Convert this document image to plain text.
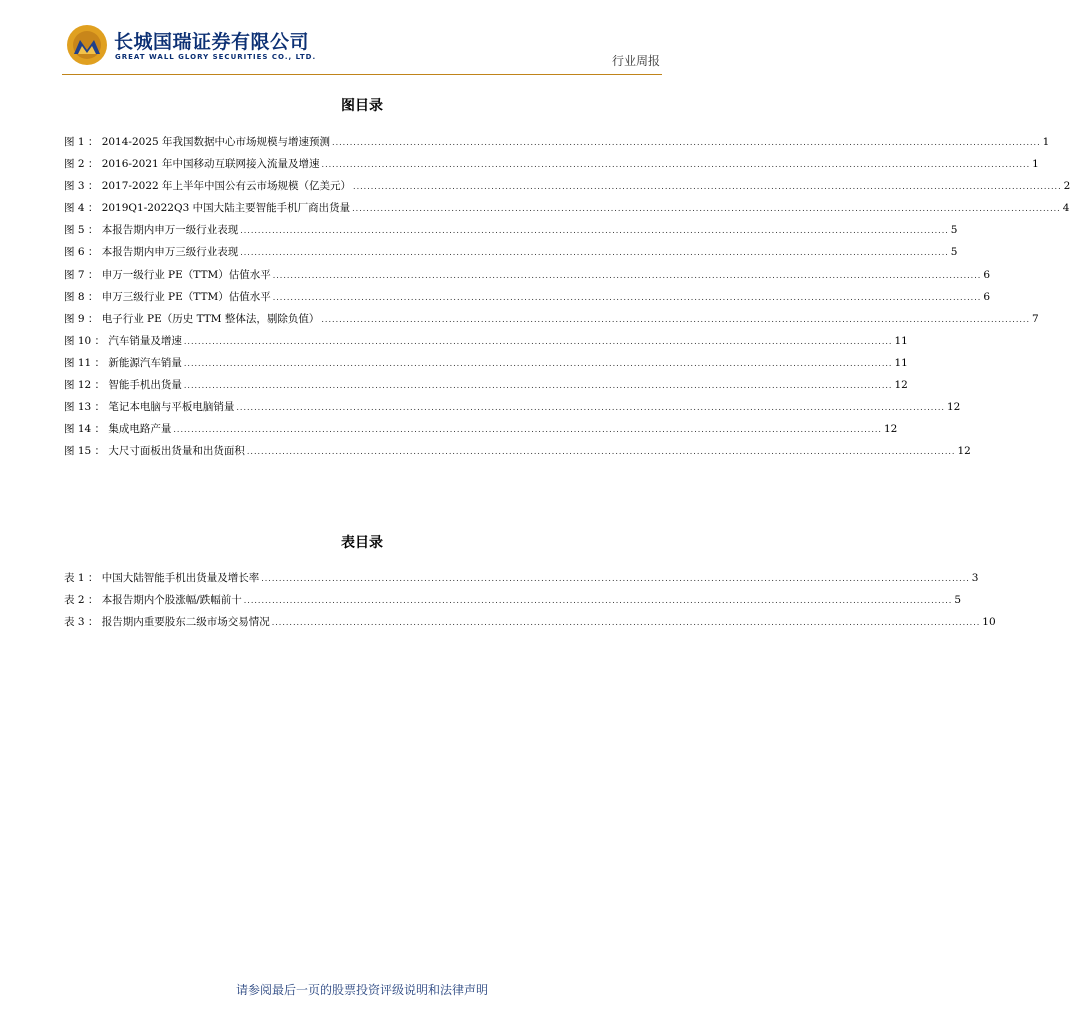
长城国瑞证券有限公司
GREAT WALL GLORY SECURITIES CO., LTD.	行业周报
图目录
图 1 ： 2014-2025 年我国数据中心市场规模与增速预测 ........................................................................................................................................................................................................ 1
图 2 ： 2016-2021 年中国移动互联网接入流量及增速 ........................................................................................................................................................................................................ 1
图 3 ： 2017-2022 年上半年中国公有云市场规模（亿美元） ........................................................................................................................................................................................................ 2
图 4 ： 2019Q1-2022Q3 中国大陆主要智能手机厂商出货量 ........................................................................................................................................................................................................ 4
图 5 ： 本报告期内申万一级行业表现 ........................................................................................................................................................................................................ 5
图 6 ： 本报告期内申万三级行业表现 ........................................................................................................................................................................................................ 5
图 7 ： 申万一级行业 PE（TTM）估值水平 ........................................................................................................................................................................................................ 6
图 8 ： 申万三级行业 PE（TTM）估值水平 ........................................................................................................................................................................................................ 6
图 9 ： 电子行业 PE（历史 TTM 整体法，剔除负值） ........................................................................................................................................................................................................ 7
图 10 ： 汽车销量及增速 ........................................................................................................................................................................................................ 11
图 11 ： 新能源汽车销量 ........................................................................................................................................................................................................ 11
图 12 ： 智能手机出货量 ........................................................................................................................................................................................................ 12
图 13 ： 笔记本电脑与平板电脑销量 ........................................................................................................................................................................................................ 12
图 14 ： 集成电路产量 ........................................................................................................................................................................................................ 12
图 15 ： 大尺寸面板出货量和出货面积 ........................................................................................................................................................................................................ 12
表目录
表 1 ： 中国大陆智能手机出货量及增长率 ........................................................................................................................................................................................................ 3
表 2 ： 本报告期内个股涨幅/跌幅前十 ........................................................................................................................................................................................................ 5
表 3 ： 报告期内重要股东二级市场交易情况 ........................................................................................................................................................................................................ 10
请参阅最后一页的股票投资评级说明和法律声明
